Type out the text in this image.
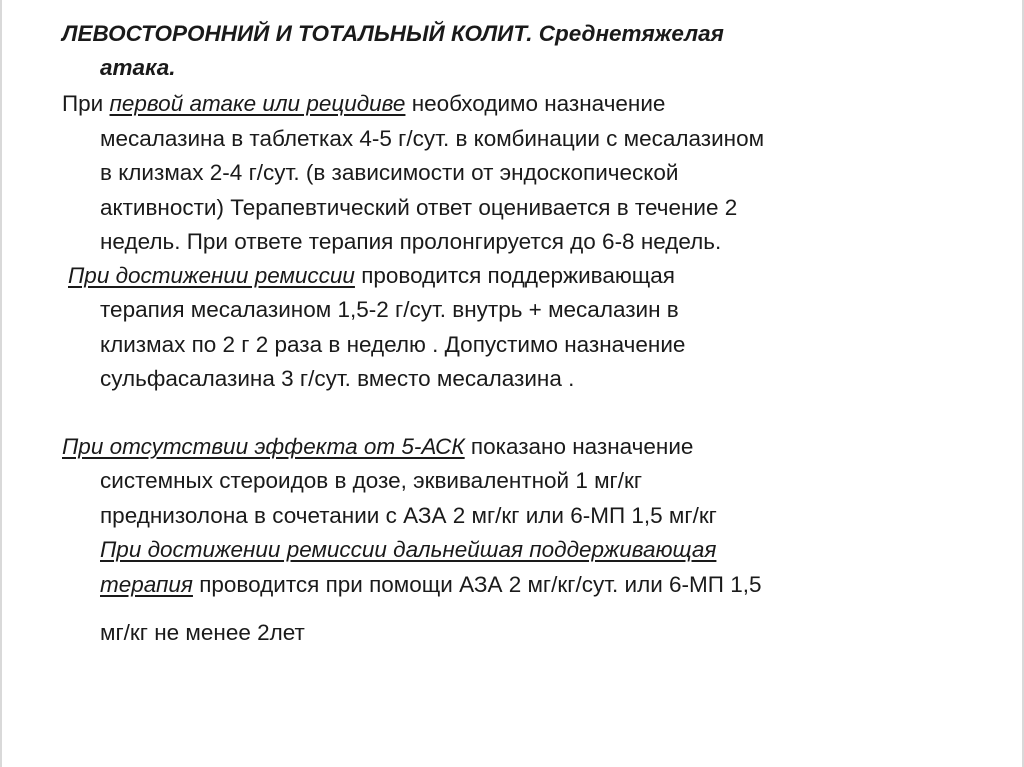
ЛЕВОСТОРОННИЙ И ТОТАЛЬНЫЙ КОЛИТ. Среднетяжелая
атака.
При первой атаке или рецидиве необходимо назначение
месалазина в таблетках 4-5 г/сут. в комбинации с месалазином
в клизмах 2-4 г/сут. (в зависимости от эндоскопической
активности) Терапевтический ответ оценивается в течение 2
недель. При ответе терапия пролонгируется до 6-8 недель.
При достижении ремиссии проводится поддерживающая
терапия месалазином 1,5-2 г/сут. внутрь + месалазин в
клизмах по 2 г 2 раза в неделю . Допустимо назначение
сульфасалазина 3 г/сут. вместо месалазина .
При отсутствии эффекта от 5-АСК показано назначение
системных стероидов в дозе, эквивалентной 1 мг/кг
преднизолона в сочетании с АЗА 2 мг/кг или 6-МП 1,5 мг/кг
При достижении ремиссии дальнейшая поддерживающая
терапия проводится при помощи АЗА 2 мг/кг/сут. или 6-МП 1,5
мг/кг не менее 2лет
